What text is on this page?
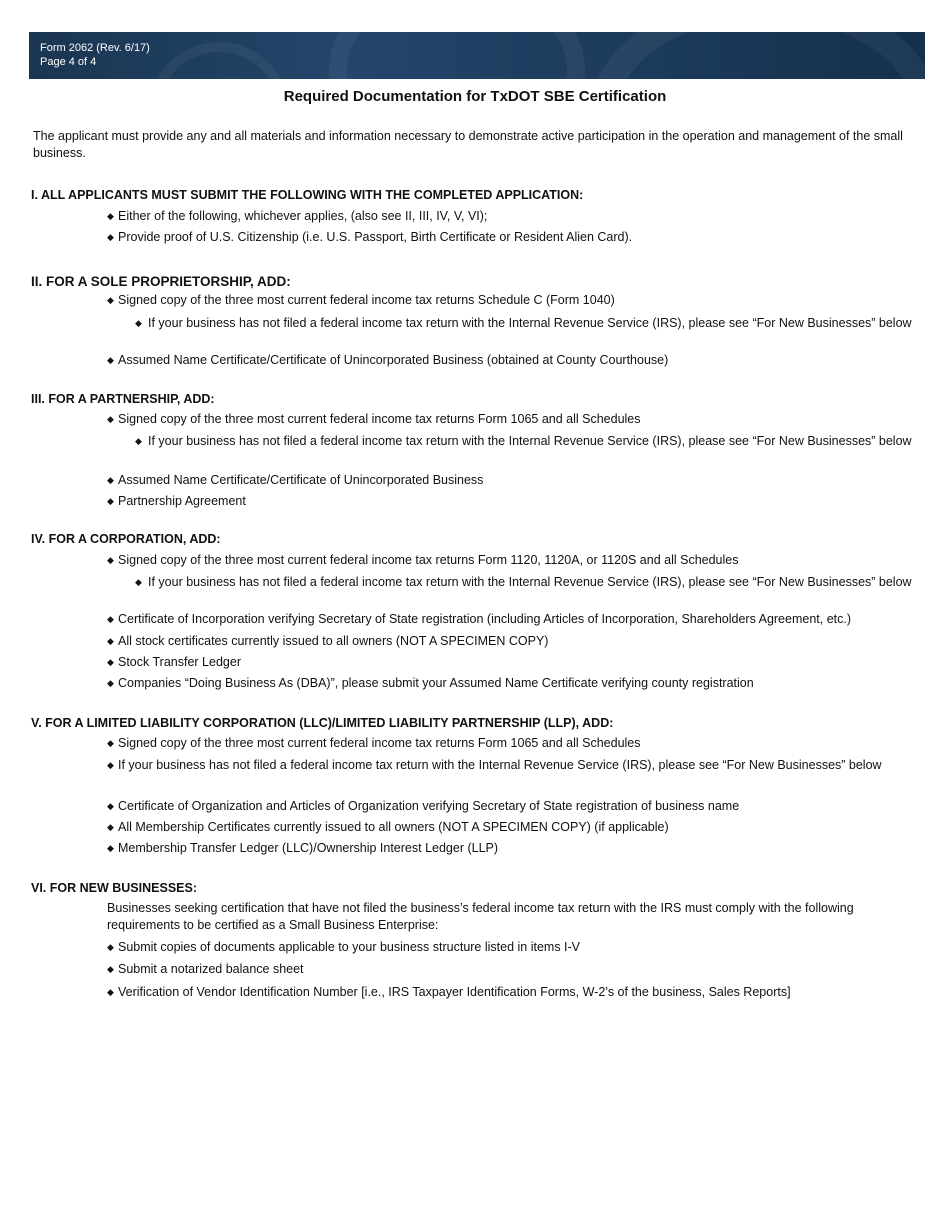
Form 2062 (Rev. 6/17)
Page 4 of 4
Required Documentation for TxDOT SBE Certification
The applicant must provide any and all materials and information necessary to demonstrate active participation in the operation and management of the small business.
I. ALL APPLICANTS MUST SUBMIT THE FOLLOWING WITH THE COMPLETED APPLICATION:
◆ Either of the following, whichever applies, (also see II, III, IV, V, VI);
◆ Provide proof of U.S. Citizenship (i.e. U.S. Passport, Birth Certificate or Resident Alien Card).
II. FOR A SOLE PROPRIETORSHIP, ADD:
◆ Signed copy of the three most current federal income tax returns Schedule C (Form 1040)
◆ If your business has not filed a federal income tax return with the Internal Revenue Service (IRS), please see “For New Businesses” below
◆ Assumed Name Certificate/Certificate of Unincorporated Business (obtained at County Courthouse)
III. FOR A PARTNERSHIP, ADD:
◆ Signed copy of the three most current federal income tax returns Form 1065 and all Schedules
◆ If your business has not filed a federal income tax return with the Internal Revenue Service (IRS), please see “For New Businesses” below
◆ Assumed Name Certificate/Certificate of Unincorporated Business
◆ Partnership Agreement
IV. FOR A CORPORATION, ADD:
◆ Signed copy of the three most current federal income tax returns Form 1120, 1120A, or 1120S and all Schedules
◆ If your business has not filed a federal income tax return with the Internal Revenue Service (IRS), please see “For New Businesses” below
◆ Certificate of Incorporation verifying Secretary of State registration (including Articles of Incorporation, Shareholders Agreement, etc.)
◆ All stock certificates currently issued to all owners (NOT A SPECIMEN COPY)
◆ Stock Transfer Ledger
◆ Companies “Doing Business As (DBA)”, please submit your Assumed Name Certificate verifying county registration
V. FOR A LIMITED LIABILITY CORPORATION (LLC)/LIMITED LIABILITY PARTNERSHIP (LLP), ADD:
◆ Signed copy of the three most current federal income tax returns Form 1065 and all Schedules
◆ If your business has not filed a federal income tax return with the Internal Revenue Service (IRS), please see “For New Businesses” below
◆ Certificate of Organization and Articles of Organization verifying Secretary of State registration of business name
◆ All Membership Certificates currently issued to all owners (NOT A SPECIMEN COPY) (if applicable)
◆ Membership Transfer Ledger (LLC)/Ownership Interest Ledger (LLP)
VI. FOR NEW BUSINESSES:
Businesses seeking certification that have not filed the business’s federal income tax return with the IRS must comply with the following requirements to be certified as a Small Business Enterprise:
◆ Submit copies of documents applicable to your business structure listed in items I-V
◆ Submit a notarized balance sheet
◆ Verification of Vendor Identification Number [i.e., IRS Taxpayer Identification Forms, W-2’s of the business, Sales Reports]
